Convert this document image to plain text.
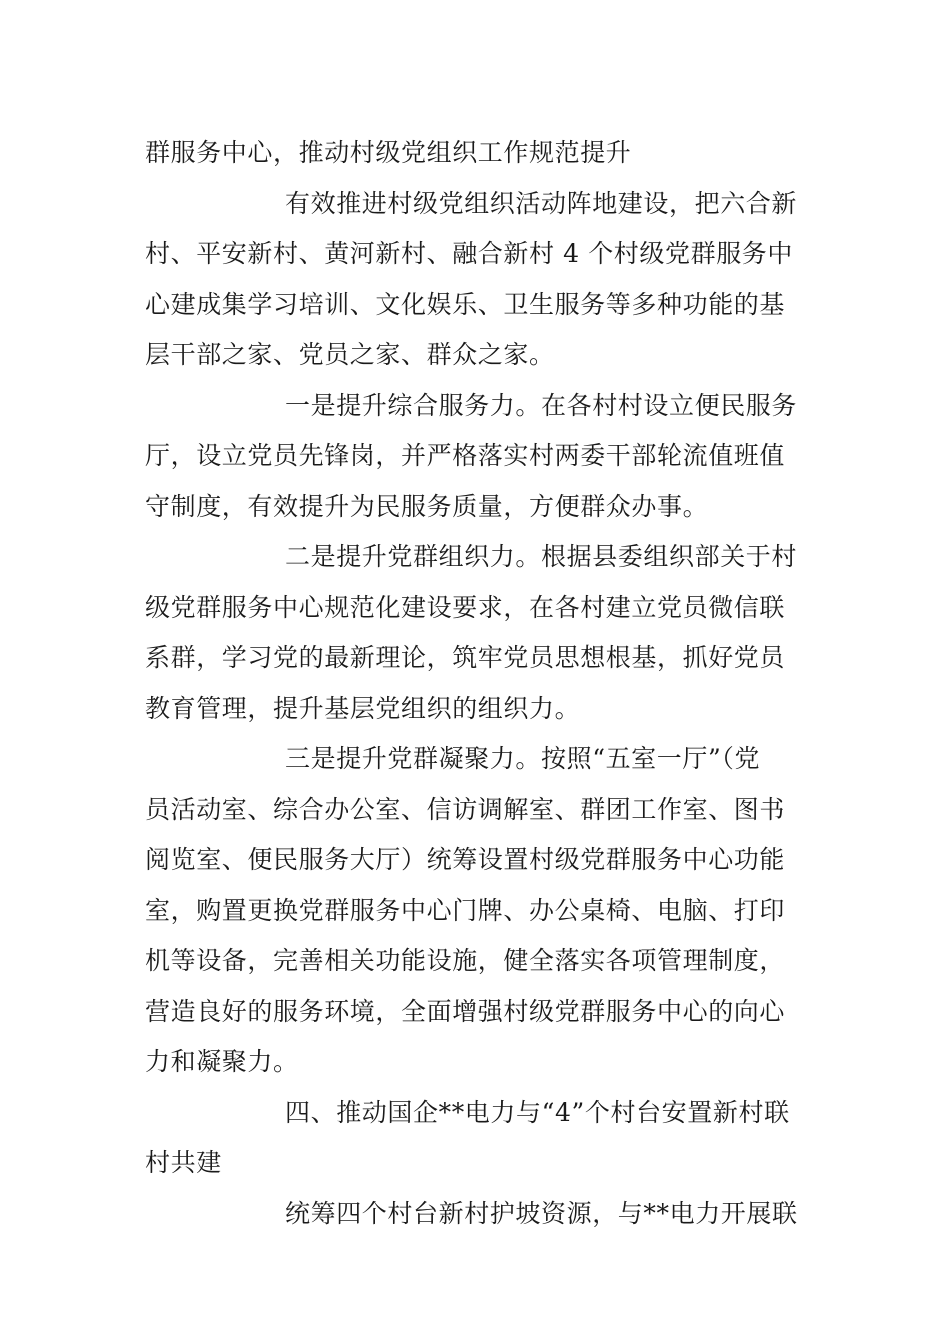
群服务中心，推动村级党组织工作规范提升

有效推进村级党组织活动阵地建设，把六合新
村、平安新村、黄河新村、融合新村 4 个村级党群服务中
心建成集学习培训、文化娱乐、卫生服务等多种功能的基
层干部之家、党员之家、群众之家。

一是提升综合服务力。在各村村设立便民服务
厅，设立党员先锋岗，并严格落实村两委干部轮流值班值
守制度，有效提升为民服务质量，方便群众办事。

二是提升党群组织力。根据县委组织部关于村
级党群服务中心规范化建设要求，在各村建立党员微信联
系群，学习党的最新理论，筑牢党员思想根基，抓好党员
教育管理，提升基层党组织的组织力。

三是提升党群凝聚力。按照“五室一厅”（党
员活动室、综合办公室、信访调解室、群团工作室、图书
阅览室、便民服务大厅）统筹设置村级党群服务中心功能
室，购置更换党群服务中心门牌、办公桌椅、电脑、打印
机等设备，完善相关功能设施，健全落实各项管理制度，
营造良好的服务环境，全面增强村级党群服务中心的向心
力和凝聚力。

四、推动国企**电力与“4”个村台安置新村联
村共建

统筹四个村台新村护坡资源，与**电力开展联
